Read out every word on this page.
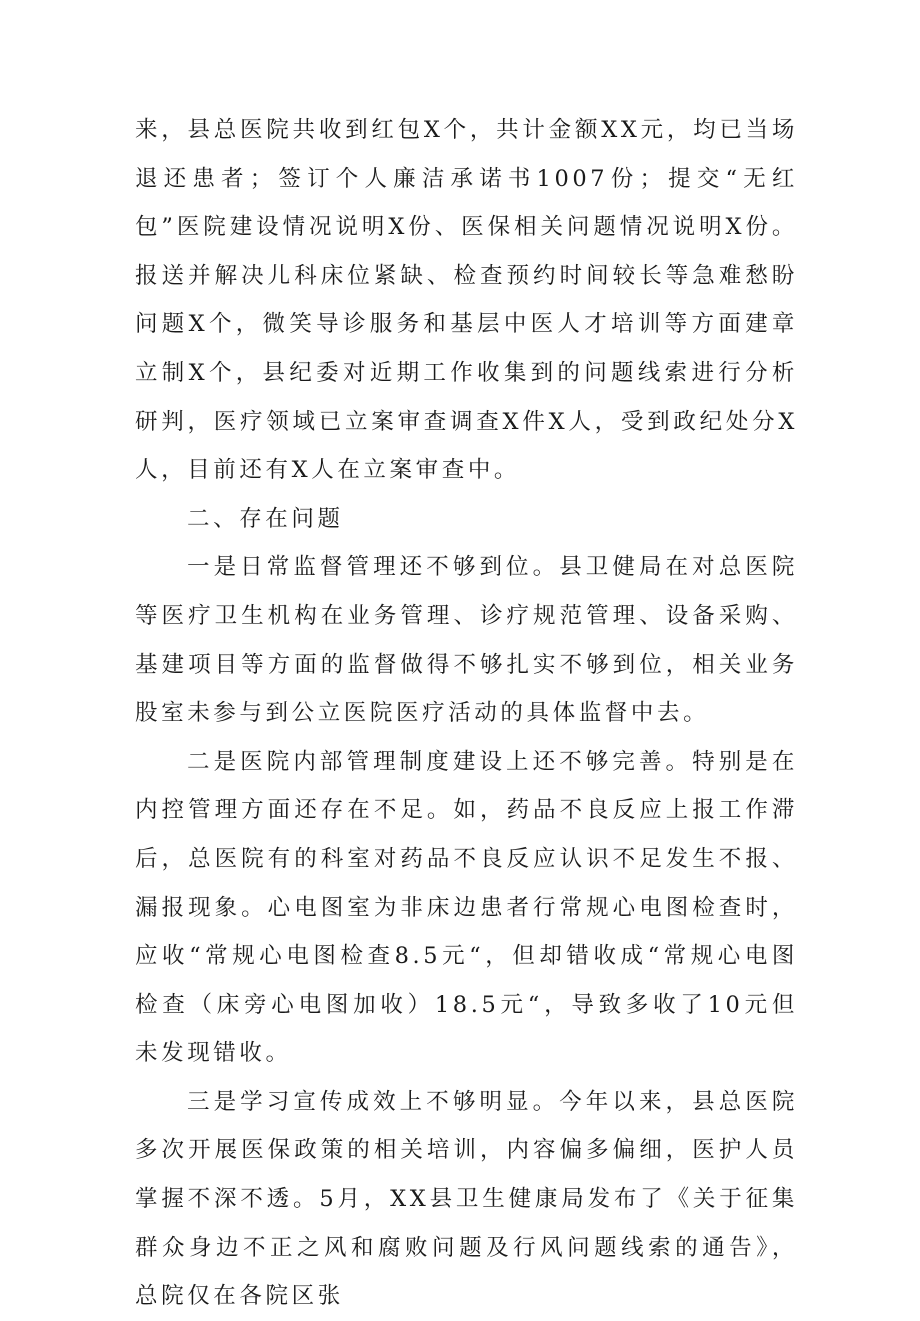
来，县总医院共收到红包X个，共计金额XX元，均已当场退还患者；签订个人廉洁承诺书1007份；提交“无红包”医院建设情况说明X份、医保相关问题情况说明X份。报送并解决儿科床位紧缺、检查预约时间较长等急难愁盼问题X个，微笑导诊服务和基层中医人才培训等方面建章立制X个，县纪委对近期工作收集到的问题线索进行分析研判，医疗领域已立案审查调查X件X人，受到政纪处分X人，目前还有X人在立案审查中。

二、存在问题

一是日常监督管理还不够到位。县卫健局在对总医院等医疗卫生机构在业务管理、诊疗规范管理、设备采购、基建项目等方面的监督做得不够扎实不够到位，相关业务股室未参与到公立医院医疗活动的具体监督中去。

二是医院内部管理制度建设上还不够完善。特别是在内控管理方面还存在不足。如，药品不良反应上报工作滞后，总医院有的科室对药品不良反应认识不足发生不报、漏报现象。心电图室为非床边患者行常规心电图检查时，应收“常规心电图检查8.5元“，但却错收成“常规心电图检查（床旁心电图加收）18.5元“，导致多收了10元但未发现错收。

三是学习宣传成效上不够明显。今年以来，县总医院多次开展医保政策的相关培训，内容偏多偏细，医护人员掌握不深不透。5月，XX县卫生健康局发布了《关于征集群众身边不正之风和腐败问题及行风问题线索的通告》，总院仅在各院区张
